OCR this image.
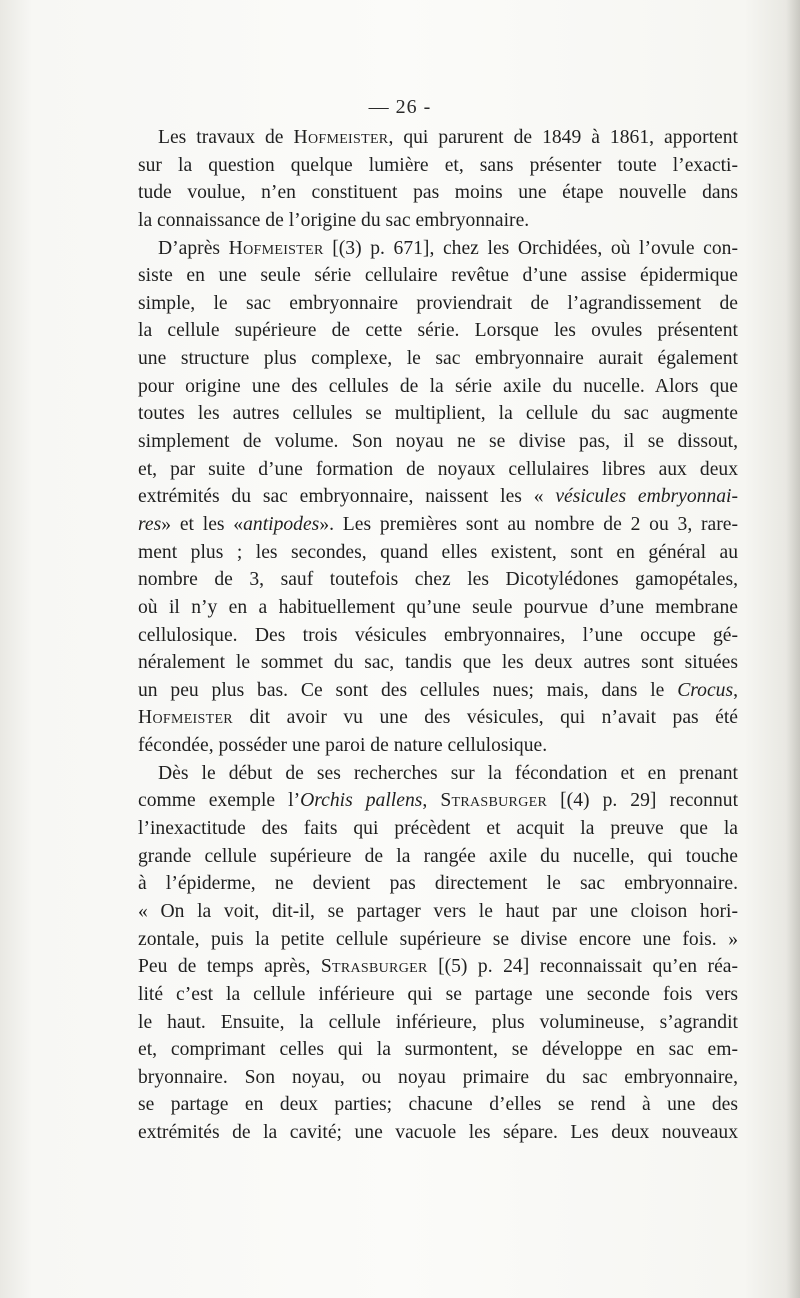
— 26 -
Les travaux de Hofmeister, qui parurent de 1849 à 1861, apportent
sur la question quelque lumière et, sans présenter toute l’exacti-
tude voulue, n’en constituent pas moins une étape nouvelle dans
la connaissance de l’origine du sac embryonnaire.
D’après Hofmeister [(3) p. 671], chez les Orchidées, où l’ovule con-
siste en une seule série cellulaire revêtue d’une assise épidermique
simple, le sac embryonnaire proviendrait de l’agrandissement de
la cellule supérieure de cette série. Lorsque les ovules présentent
une structure plus complexe, le sac embryonnaire aurait également
pour origine une des cellules de la série axile du nucelle. Alors que
toutes les autres cellules se multiplient, la cellule du sac augmente
simplement de volume. Son noyau ne se divise pas, il se dissout,
et, par suite d’une formation de noyaux cellulaires libres aux deux
extrémités du sac embryonnaire, naissent les « vésicules embryonnai-
res» et les «antipodes». Les premières sont au nombre de 2 ou 3, rare-
ment plus ; les secondes, quand elles existent, sont en général au
nombre de 3, sauf toutefois chez les Dicotylédones gamopétales,
où il n’y en a habituellement qu’une seule pourvue d’une membrane
cellulosique. Des trois vésicules embryonnaires, l’une occupe gé-
néralement le sommet du sac, tandis que les deux autres sont situées
un peu plus bas. Ce sont des cellules nues; mais, dans le Crocus,
Hofmeister dit avoir vu une des vésicules, qui n’avait pas été
fécondée, posséder une paroi de nature cellulosique.
Dès le début de ses recherches sur la fécondation et en prenant
comme exemple l’Orchis pallens, Strasburger [(4) p. 29] reconnut
l’inexactitude des faits qui précèdent et acquit la preuve que la
grande cellule supérieure de la rangée axile du nucelle, qui touche
à l’épiderme, ne devient pas directement le sac embryonnaire.
« On la voit, dit-il, se partager vers le haut par une cloison hori-
zontale, puis la petite cellule supérieure se divise encore une fois. »
Peu de temps après, Strasburger [(5) p. 24] reconnaissait qu’en réa-
lité c’est la cellule inférieure qui se partage une seconde fois vers
le haut. Ensuite, la cellule inférieure, plus volumineuse, s’agrandit
et, comprimant celles qui la surmontent, se développe en sac em-
bryonnaire. Son noyau, ou noyau primaire du sac embryonnaire,
se partage en deux parties; chacune d’elles se rend à une des
extrémités de la cavité; une vacuole les sépare. Les deux nouveaux
